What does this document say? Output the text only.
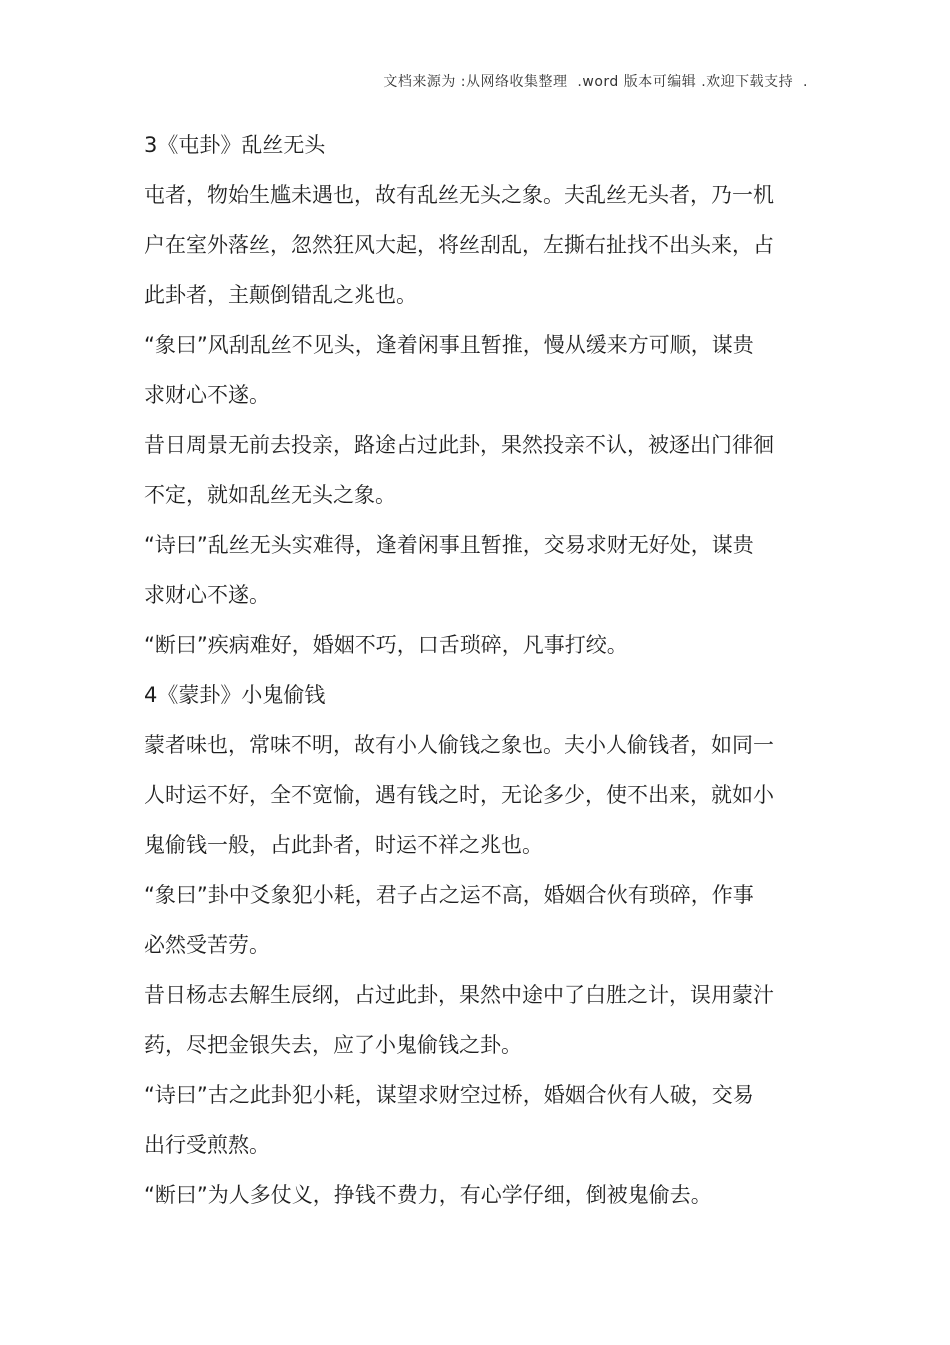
文档来源为 :从网络收集整理  .word 版本可编辑 .欢迎下载支持  .
3《屯卦》乱丝无头
屯者，物始生尴未遇也，故有乱丝无头之象。夫乱丝无头者，乃一机
户在室外落丝，忽然狂风大起，将丝刮乱，左撕右扯找不出头来，占
此卦者，主颠倒错乱之兆也。
“象曰”风刮乱丝不见头，逢着闲事且暂推，慢从缓来方可顺，谋贵
求财心不遂。
昔日周景无前去投亲，路途占过此卦，果然投亲不认，被逐出门徘徊
不定，就如乱丝无头之象。
“诗曰”乱丝无头实难得，逢着闲事且暂推，交易求财无好处，谋贵
求财心不遂。
“断曰”疾病难好，婚姻不巧，口舌琐碎，凡事打绞。
4《蒙卦》小鬼偷钱
蒙者味也，常味不明，故有小人偷钱之象也。夫小人偷钱者，如同一
人时运不好，全不宽愉，遇有钱之时，无论多少，使不出来，就如小
鬼偷钱一般，占此卦者，时运不祥之兆也。
“象曰”卦中爻象犯小耗，君子占之运不高，婚姻合伙有琐碎，作事
必然受苦劳。
昔日杨志去解生辰纲，占过此卦，果然中途中了白胜之计，误用蒙汁
药，尽把金银失去，应了小鬼偷钱之卦。
“诗曰”古之此卦犯小耗，谋望求财空过桥，婚姻合伙有人破，交易
出行受煎熬。
“断曰”为人多仗义，挣钱不费力，有心学仔细，倒被鬼偷去。
